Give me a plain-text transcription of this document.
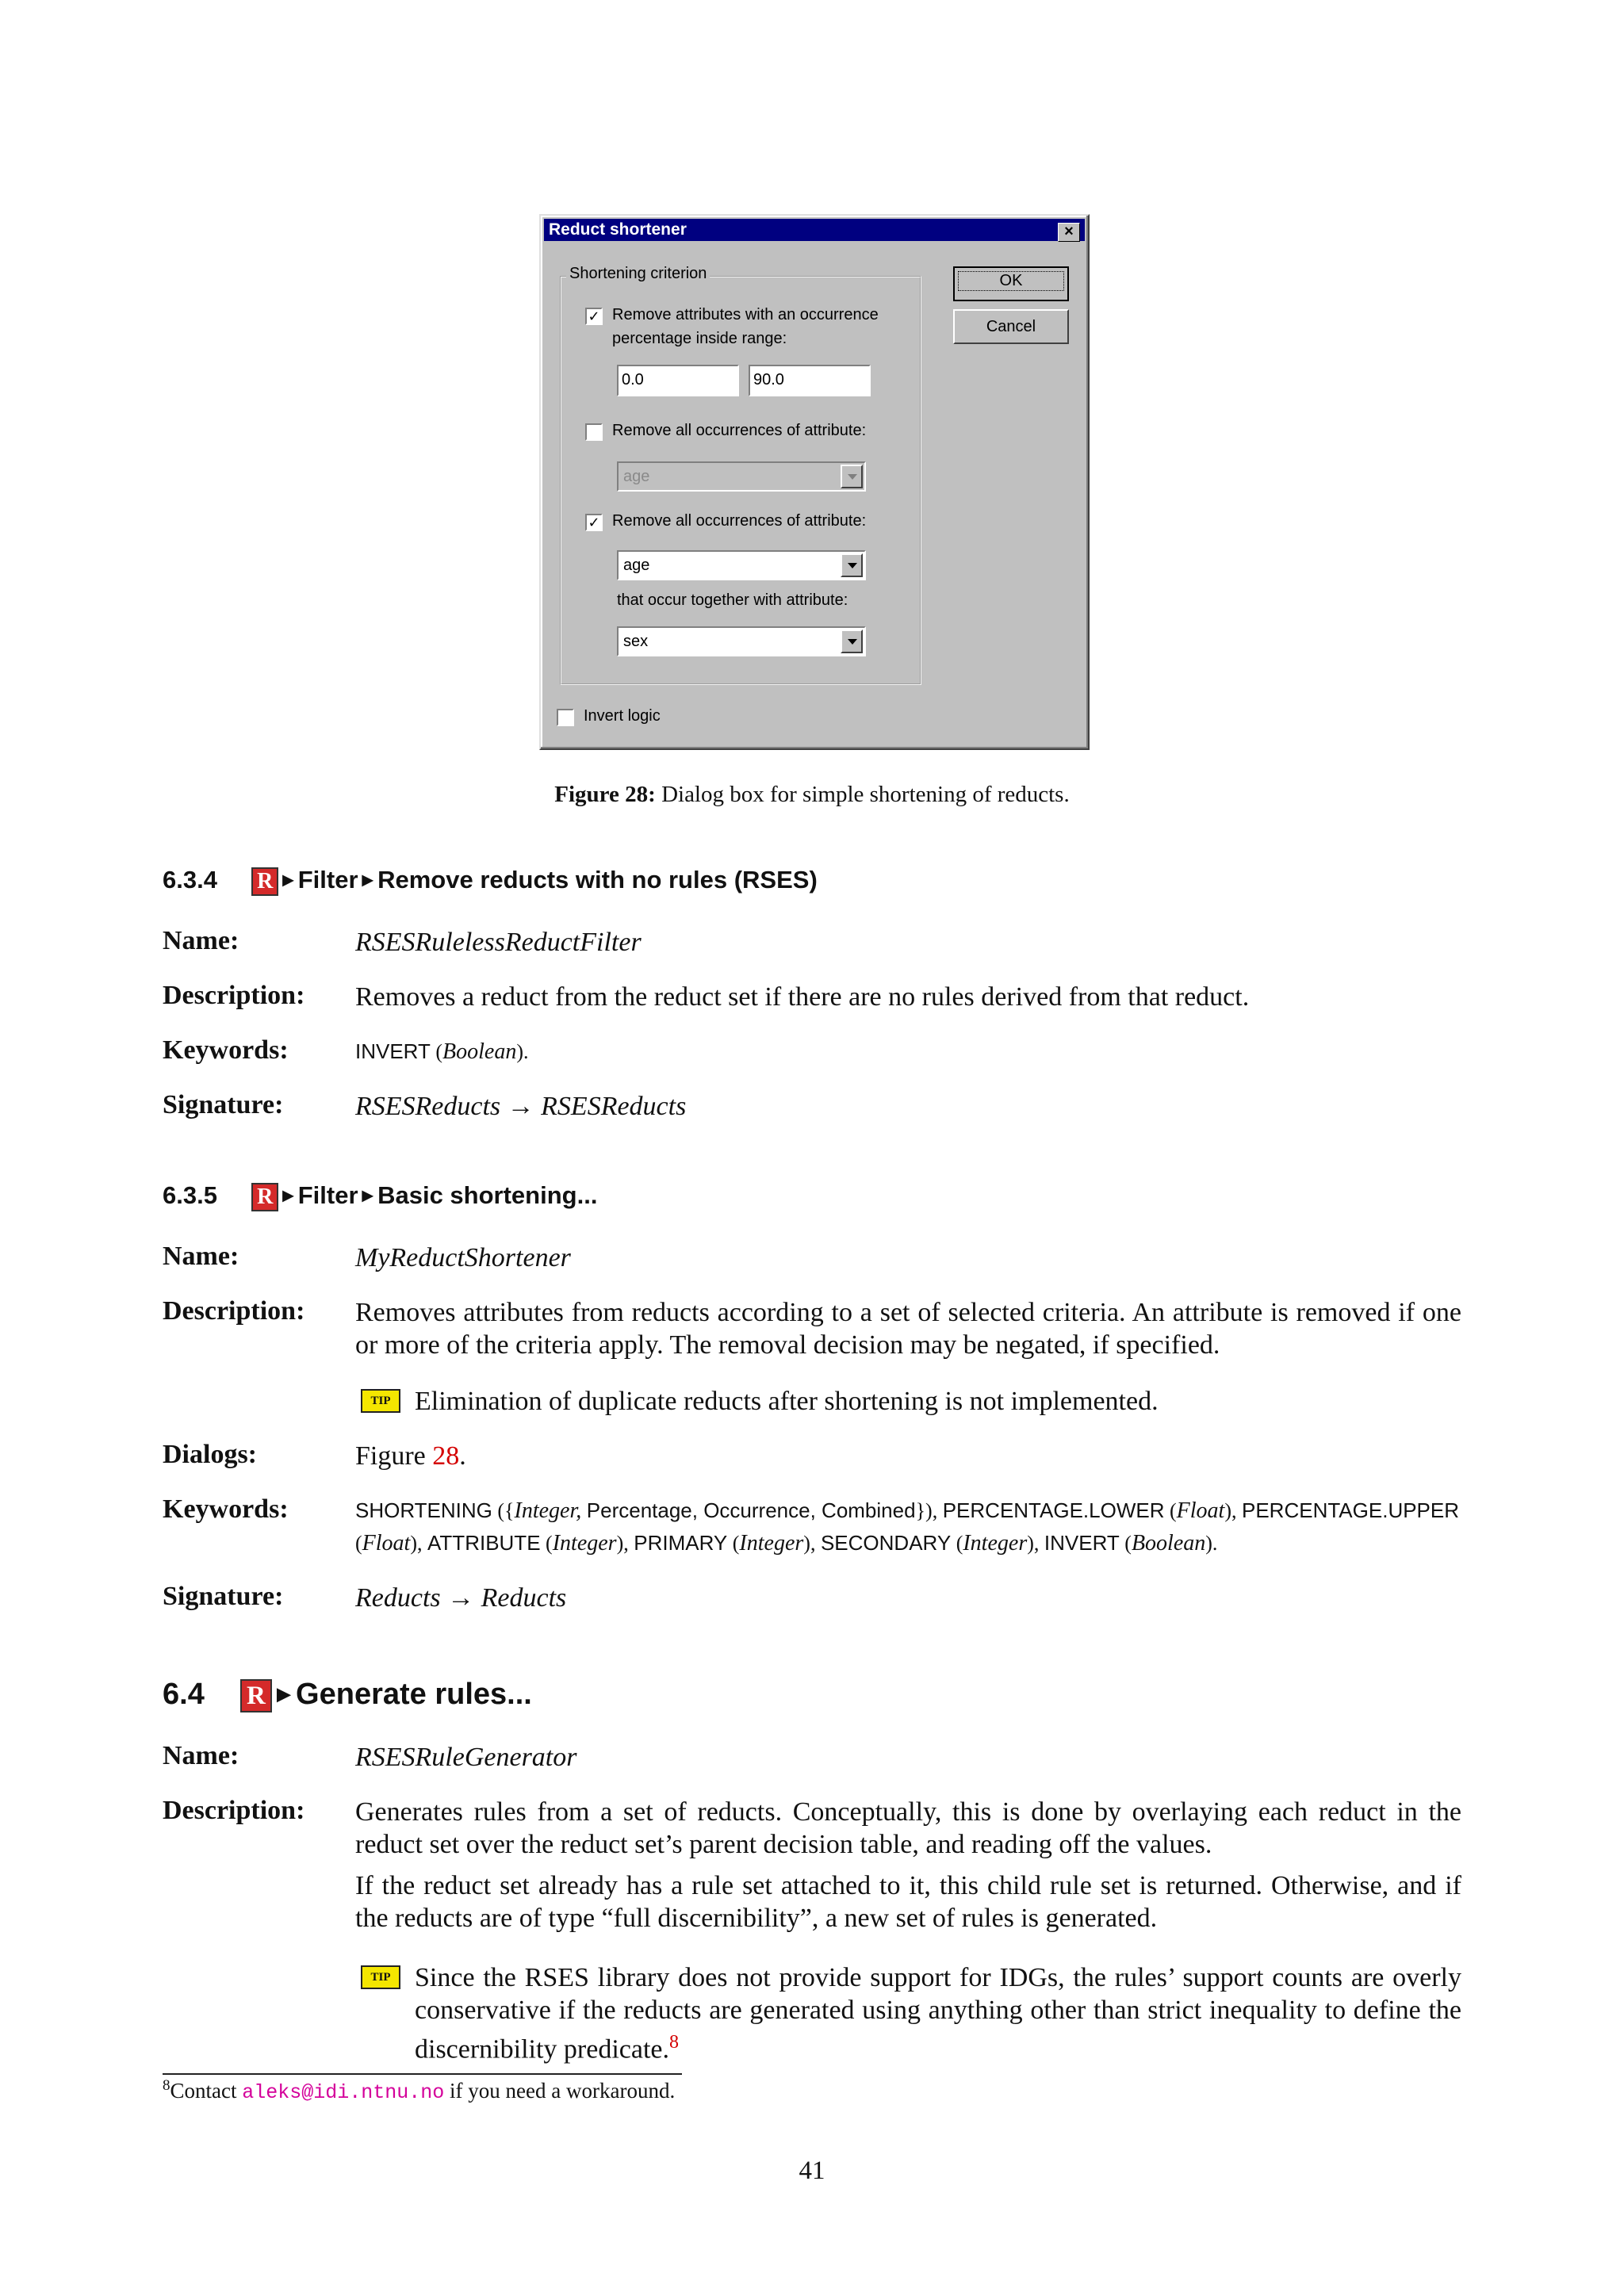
Reduct shortener	×
Shortening criterion	OK
Cancel
✓ Remove attributes with an occurrence
percentage inside range:
0.0	90.0
Remove all occurrences of attribute:
age
✓ Remove all occurrences of attribute:
age
that occur together with attribute:
sex
Invert logic
Figure 28: Dialog box for simple shortening of reducts.
6.3.4 R ►Filter►Remove reducts with no rules (RSES)
Name:	RSESRulelessReductFilter
Description: Removes a reduct from the reduct set if there are no rules derived from that reduct.
Keywords:	INVERT (Boolean).
Signature:	RSESReducts → RSESReducts
6.3.5 R ►Filter►Basic shortening...
Name:	MyReductShortener
Description: Removes attributes from reducts according to a set of selected criteria. An attribute is removed if one or more of the criteria apply. The removal decision may be negated, if specified.
TIP Elimination of duplicate reducts after shortening is not implemented.
Dialogs:	Figure 28.
Keywords:	SHORTENING ({Integer, Percentage, Occurrence, Combined}), PERCENTAGE.LOWER (Float), PERCENTAGE.UPPER (Float), ATTRIBUTE (Integer), PRIMARY (Integer), SECONDARY (Integer), INVERT (Boolean).
Signature:	Reducts → Reducts
6.4 R ►Generate rules...
Name:	RSESRuleGenerator
Description: Generates rules from a set of reducts. Conceptually, this is done by overlaying each reduct in the reduct set over the reduct set’s parent decision table, and reading off the values.
If the reduct set already has a rule set attached to it, this child rule set is returned. Otherwise, and if the reducts are of type “full discernibility”, a new set of rules is generated.
TIP Since the RSES library does not provide support for IDGs, the rules’ support counts are overly conservative if the reducts are generated using anything other than strict inequality to define the discernibility predicate.$^8$
$^8$Contact aleks@idi.ntnu.no if you need a workaround.
41
